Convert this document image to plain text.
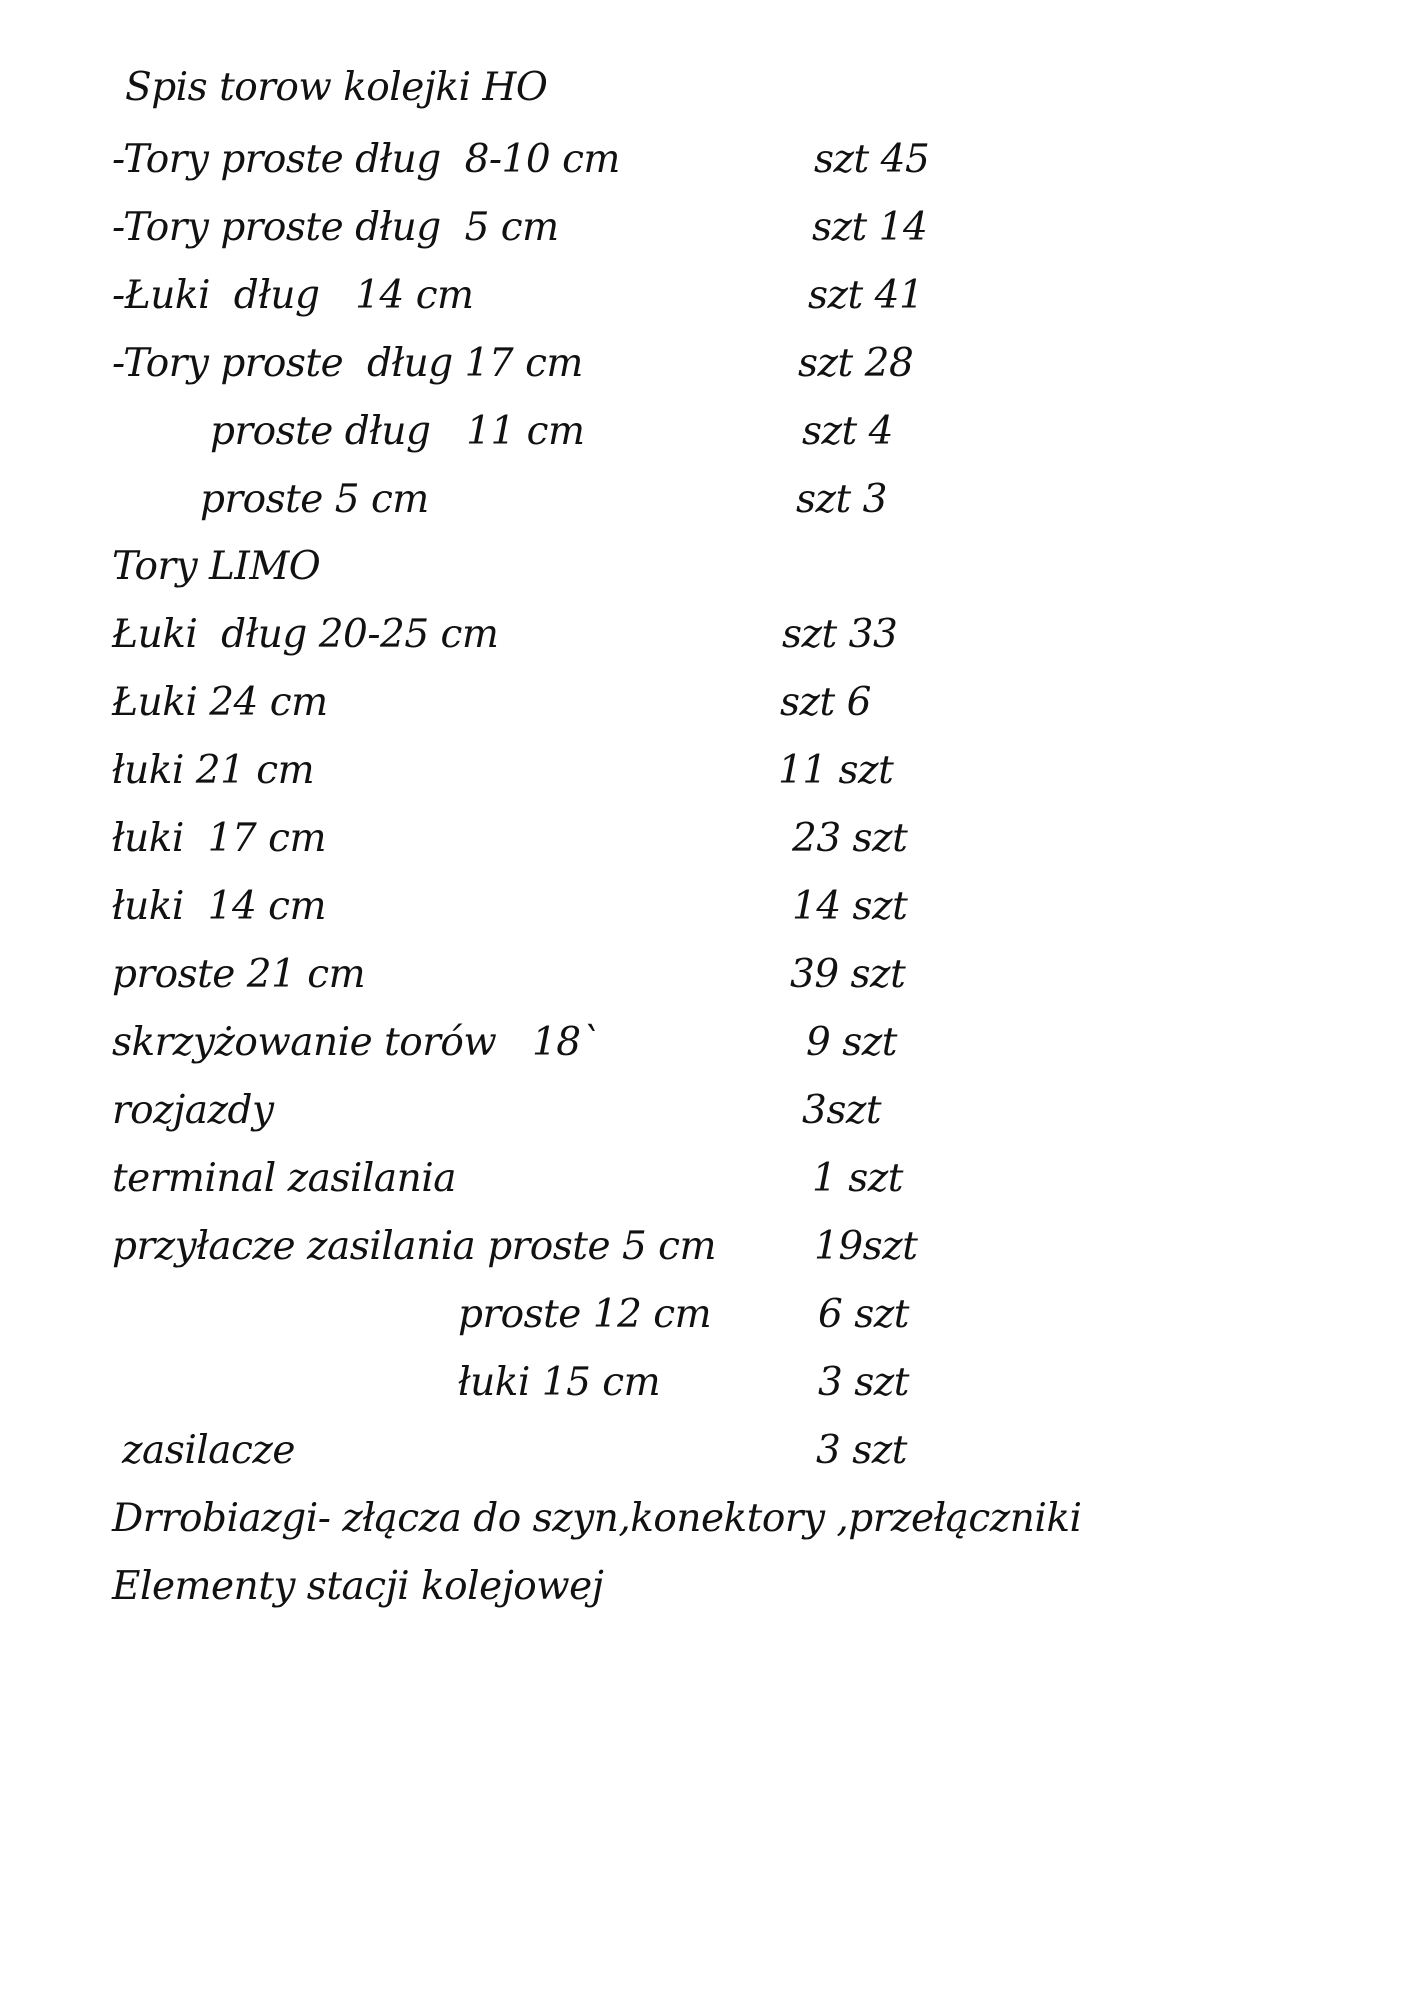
Spis torow kolejki HO
-Tory proste dług  8-10 cm	szt 45
-Tory proste dług  5 cm	szt 14
-Łuki  dług   14 cm	szt 41
-Tory proste  dług 17 cm	szt 28
proste dług   11 cm	szt 4
proste 5 cm	szt 3
Tory LIMO
Łuki  dług 20-25 cm	szt 33
Łuki 24 cm	szt 6
łuki 21 cm	11 szt
łuki  17 cm	23 szt
łuki  14 cm	14 szt
proste 21 cm	39 szt
skrzyżowanie torów   18`	9 szt
rozjazdy	3szt
terminal zasilania	1 szt
przyłacze zasilania proste 5 cm	19szt
proste 12 cm	6 szt
łuki 15 cm	3 szt
zasilacze	3 szt
Drrobiazgi- złącza do szyn,konektory ,przełączniki
Elementy stacji kolejowej
